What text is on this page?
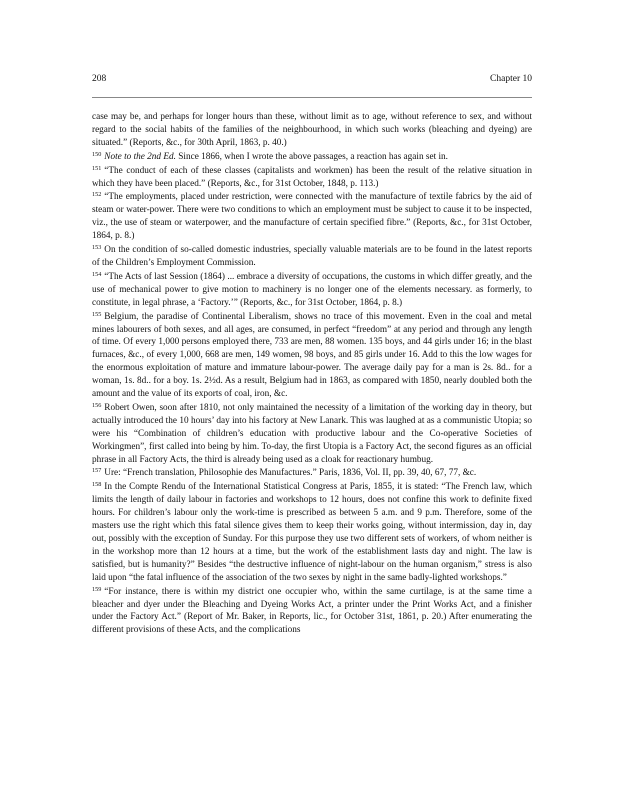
208	Chapter 10

case may be, and perhaps for longer hours than these, without limit as to age, without reference to sex, and without regard to the social habits of the families of the neighbourhood, in which such works (bleaching and dyeing) are situated.” (Reports, &c., for 30th April, 1863, p. 40.)

$^{150}$ Note to the 2nd Ed. Since 1866, when I wrote the above passages, a reaction has again set in.

$^{151}$ “The conduct of each of these classes (capitalists and workmen) has been the result of the relative situation in which they have been placed.” (Reports, &c., for 31st October, 1848, p. 113.)

$^{152}$ “The employments, placed under restriction, were connected with the manufacture of textile fabrics by the aid of steam or water-power. There were two conditions to which an employment must be subject to cause it to be inspected, viz., the use of steam or waterpower, and the manufacture of certain specified fibre.” (Reports, &c., for 31st October, 1864, p. 8.)

$^{153}$ On the condition of so-called domestic industries, specially valuable materials are to be found in the latest reports of the Children’s Employment Commission.

$^{154}$ “The Acts of last Session (1864) ... embrace a diversity of occupations, the customs in which differ greatly, and the use of mechanical power to give motion to machinery is no longer one of the elements necessary. as formerly, to constitute, in legal phrase, a ‘Factory.’” (Reports, &c., for 31st October, 1864, p. 8.)

$^{155}$ Belgium, the paradise of Continental Liberalism, shows no trace of this movement. Even in the coal and metal mines labourers of both sexes, and all ages, are consumed, in perfect “freedom” at any period and through any length of time. Of every 1,000 persons employed there, 733 are men, 88 women. 135 boys, and 44 girls under 16; in the blast furnaces, &c., of every 1,000, 668 are men, 149 women, 98 boys, and 85 girls under 16. Add to this the low wages for the enormous exploitation of mature and immature labour-power. The average daily pay for a man is 2s. 8d.. for a woman, 1s. 8d.. for a boy. 1s. 2½d. As a result, Belgium had in 1863, as compared with 1850, nearly doubled both the amount and the value of its exports of coal, iron, &c.

$^{156}$ Robert Owen, soon after 1810, not only maintained the necessity of a limitation of the working day in theory, but actually introduced the 10 hours’ day into his factory at New Lanark. This was laughed at as a communistic Utopia; so were his “Combination of children’s education with productive labour and the Co-operative Societies of Workingmen”, first called into being by him. To-day, the first Utopia is a Factory Act, the second figures as an official phrase in all Factory Acts, the third is already being used as a cloak for reactionary humbug.

$^{157}$ Ure: “French translation, Philosophie des Manufactures.” Paris, 1836, Vol. II, pp. 39, 40, 67, 77, &c.

$^{158}$ In the Compte Rendu of the International Statistical Congress at Paris, 1855, it is stated: “The French law, which limits the length of daily labour in factories and workshops to 12 hours, does not confine this work to definite fixed hours. For children’s labour only the work-time is prescribed as between 5 a.m. and 9 p.m. Therefore, some of the masters use the right which this fatal silence gives them to keep their works going, without intermission, day in, day out, possibly with the exception of Sunday. For this purpose they use two different sets of workers, of whom neither is in the workshop more than 12 hours at a time, but the work of the establishment lasts day and night. The law is satisfied, but is humanity?” Besides “the destructive influence of night-labour on the human organism,” stress is also laid upon “the fatal influence of the association of the two sexes by night in the same badly-lighted workshops.”

$^{159}$ “For instance, there is within my district one occupier who, within the same curtilage, is at the same time a bleacher and dyer under the Bleaching and Dyeing Works Act, a printer under the Print Works Act, and a finisher under the Factory Act.” (Report of Mr. Baker, in Reports, lic., for October 31st, 1861, p. 20.) After enumerating the different provisions of these Acts, and the complications
